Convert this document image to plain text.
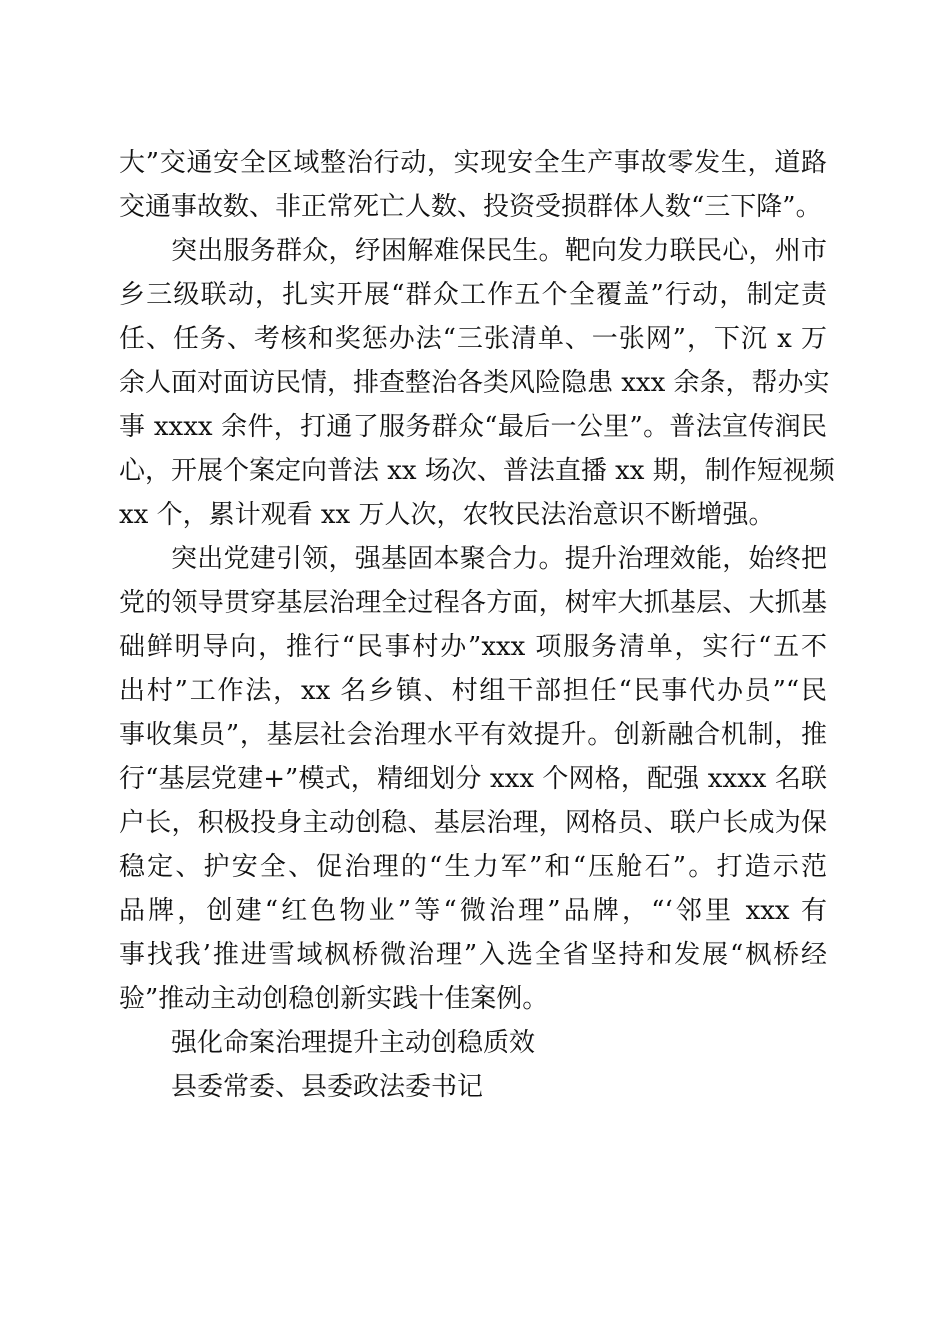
大”交通安全区域整治行动，实现安全生产事故零发生，道路
交通事故数、非正常死亡人数、投资受损群体人数“三下降”。
突出服务群众，纾困解难保民生。靶向发力联民心，州市
乡三级联动，扎实开展“群众工作五个全覆盖”行动，制定责
任、任务、考核和奖惩办法“三张清单、一张网”，下沉 x 万
余人面对面访民情，排查整治各类风险隐患 xxx 余条，帮办实
事 xxxx 余件，打通了服务群众“最后一公里”。普法宣传润民
心，开展个案定向普法 xx 场次、普法直播 xx 期，制作短视频
xx 个，累计观看 xx 万人次，农牧民法治意识不断增强。
突出党建引领，强基固本聚合力。提升治理效能，始终把
党的领导贯穿基层治理全过程各方面，树牢大抓基层、大抓基
础鲜明导向，推行“民事村办”xxx 项服务清单，实行“五不
出村”工作法，xx 名乡镇、村组干部担任“民事代办员”“民
事收集员”，基层社会治理水平有效提升。创新融合机制，推
行“基层党建+”模式，精细划分 xxx 个网格，配强 xxxx 名联
户长，积极投身主动创稳、基层治理，网格员、联户长成为保
稳定、护安全、促治理的“生力军”和“压舱石”。打造示范
品牌，创建“红色物业”等“微治理”品牌，“‘邻里 xxx 有
事找我’推进雪域枫桥微治理”入选全省坚持和发展“枫桥经
验”推动主动创稳创新实践十佳案例。
强化命案治理提升主动创稳质效
县委常委、县委政法委书记
